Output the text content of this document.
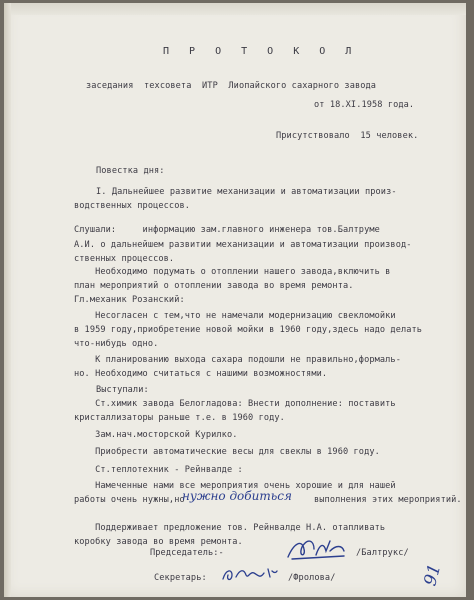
П Р О Т О К О Л
заседания  техсовета  ИТР  Лиопайского сахарного завода
от 18.XI.1958 года.
Присутствовало  15 человек.
Повестка дня:
I. Дальнейшее развитие механизации и автоматизации произ-
водственных процессов.
Слушали:     информацию зам.главного инженера тов.Балтруме
А.И. о дальнейшем развитии механизации и автоматизации производ-
ственных процессов.
Необходимо подумать о отоплении нашего завода,включить в
план мероприятий о отоплении завода во время ремонта.
Гл.механик Розанский:
Несогласен с тем,что не намечали модернизацию свекломойки
в 1959 году,приобретение новой мойки в 1960 году,здесь надо делать
что-нибудь одно.
К планированию выхода сахара подошли не правильно,формаль-
но. Необходимо считаться с нашими возможностями.
Выступали:
Ст.химик завода Белогладова: Внести дополнение: поставить
кристаллизаторы раньше т.е. в 1960 году.
Зам.нач.мосторской Курилко.
Приобрести автоматические весы для свеклы в 1960 году.
Ст.теплотехник - Рейнвалде :
Намеченные нами все мероприятия очень хорошие и для нашей
работы очень нужны,но
нужно добиться	выполнения этих мероприятий.
Поддерживает предложение тов. Рейнвалде Н.А. отапливать
коробку завода во время ремонта.
Председатель:-	/Балтрукс/
Секретарь:	/Фролова/	91
